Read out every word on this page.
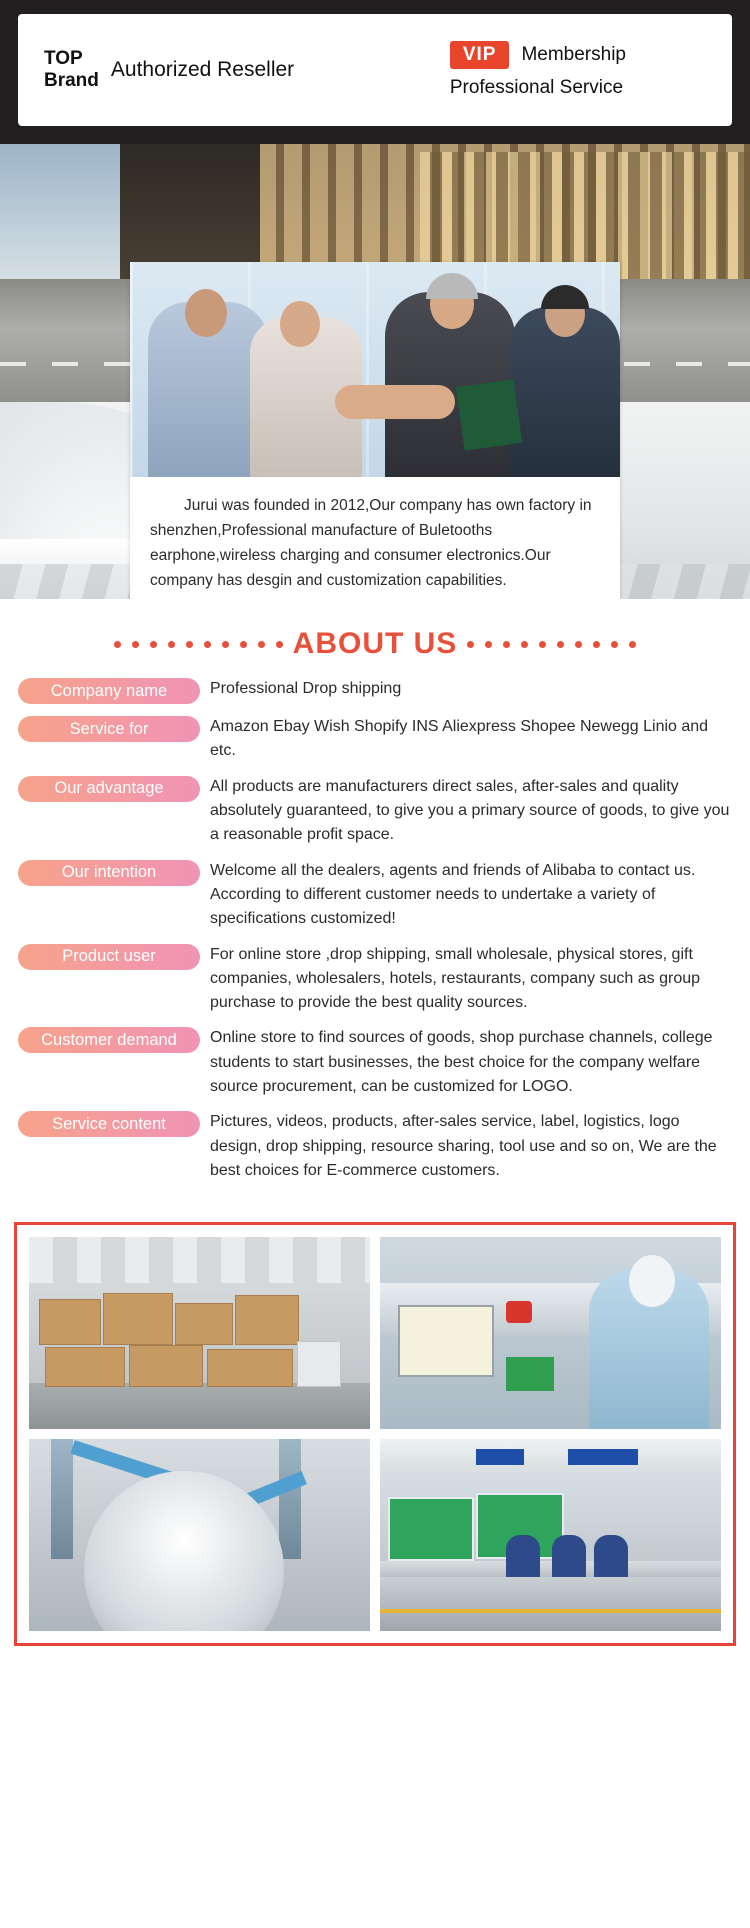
TOP
Brand Authorized Reseller
VIP	Membership
Professional Service
Jurui was founded in 2012,Our company has own factory in shenzhen,Professional manufacture of Buletooths earphone,wireless charging and consumer electronics.Our company has desgin and customization capabilities.
ABOUT US
Company name	Professional Drop shipping
Service for	Amazon Ebay Wish Shopify INS Aliexpress Shopee Newegg Linio and etc.
Our advantage	All products are manufacturers direct sales, after-sales and quality absolutely guaranteed, to give you a primary source of goods, to give you a reasonable profit space.
Our intention	Welcome all the dealers, agents and friends of Alibaba to contact us. According to different customer needs to undertake a variety of specifications customized!
Product user	For online store ,drop shipping, small wholesale, physical stores, gift companies, wholesalers, hotels, restaurants, company such as group purchase to provide the best quality sources.
Customer demand	Online store to find sources of goods, shop purchase channels, college students to start businesses, the best choice for the company welfare source procurement, can be customized for LOGO.
Service content	Pictures, videos, products, after-sales service, label, logistics, logo design, drop shipping, resource sharing, tool use and so on, We are the best choices for E-commerce customers.
